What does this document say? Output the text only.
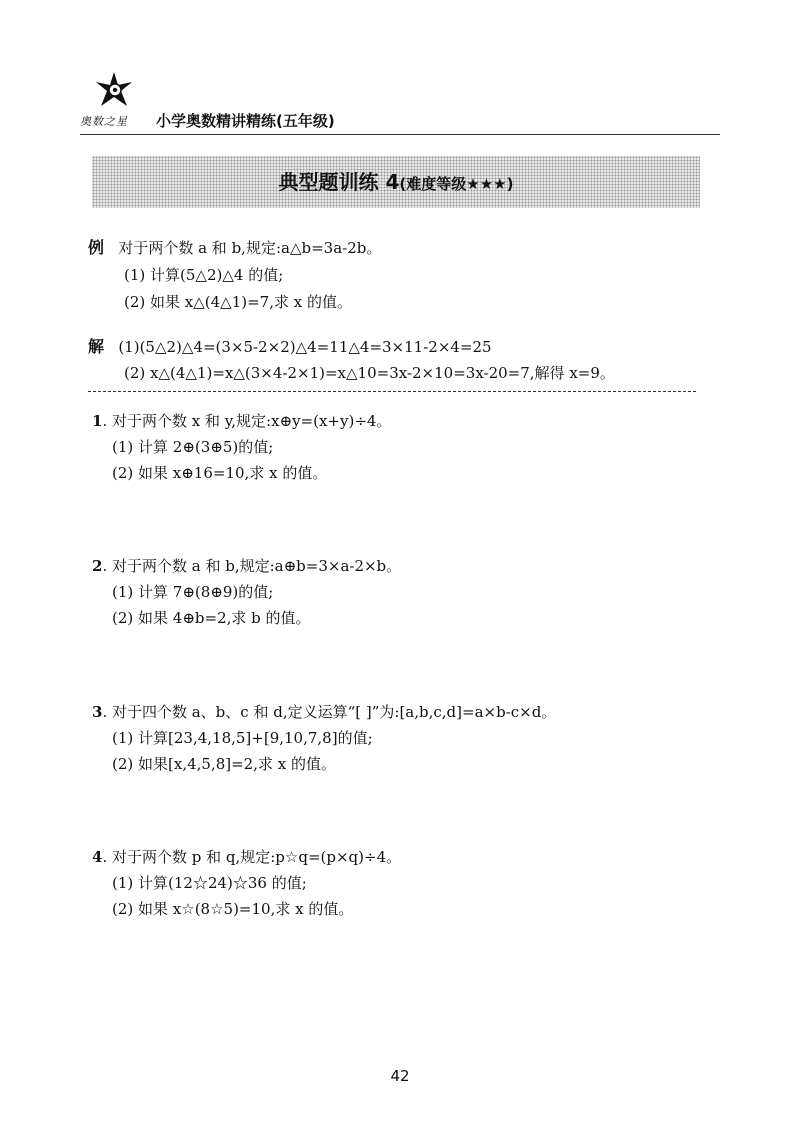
奥数之星 小学奥数精讲精练(五年级)
典型题训练 4(难度等级★★★)
例 对于两个数 a 和 b,规定:a△b=3a-2b。
(1) 计算(5△2)△4 的值;
(2) 如果 x△(4△1)=7,求 x 的值。
解 (1)(5△2)△4=(3×5-2×2)△4=11△4=3×11-2×4=25
(2) x△(4△1)=x△(3×4-2×1)=x△10=3x-2×10=3x-20=7,解得 x=9。
1. 对于两个数 x 和 y,规定:x⊕y=(x+y)÷4。
(1) 计算 2⊕(3⊕5)的值;
(2) 如果 x⊕16=10,求 x 的值。
2. 对于两个数 a 和 b,规定:a⊕b=3×a-2×b。
(1) 计算 7⊕(8⊕9)的值;
(2) 如果 4⊕b=2,求 b 的值。
3. 对于四个数 a、b、c 和 d,定义运算“[ ]”为:[a,b,c,d]=a×b-c×d。
(1) 计算[23,4,18,5]+[9,10,7,8]的值;
(2) 如果[x,4,5,8]=2,求 x 的值。
4. 对于两个数 p 和 q,规定:p☆q=(p×q)÷4。
(1) 计算(12☆24)☆36 的值;
(2) 如果 x☆(8☆5)=10,求 x 的值。
42
